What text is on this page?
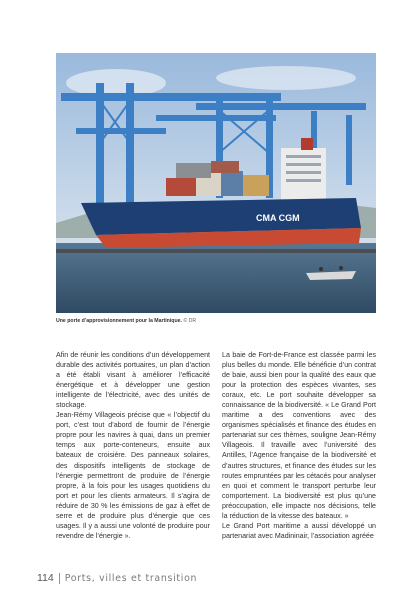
CMA CGM
Une porte d’approvisionnement pour la Martinique. © DR

Afin de réunir les conditions d’un développement durable des activités portuaires, un plan d’action a été établi visant à améliorer l’efficacité énergétique et à développer une gestion intelligente de l’électricité, avec des unités de stockage.

Jean-Rémy Villageois précise que « l’objectif du port, c’est tout d’abord de fournir de l’énergie propre pour les navires à quai, dans un premier temps aux porte-conteneurs, ensuite aux bateaux de croisière. Des panneaux solaires, des dispositifs intelligents de stockage de l’énergie permettront de produire de l’énergie propre, à la fois pour les usages quotidiens du port et pour les clients armateurs. Il s’agira de réduire de 30 % les émissions de gaz à effet de serre et de produire plus d’énergie que ces usages. Il y a aussi une volonté de produire pour revendre de l’énergie ».

La baie de Fort-de-France est classée parmi les plus belles du monde. Elle bénéficie d’un contrat de baie, aussi bien pour la qualité des eaux que pour la protection des espèces vivantes, ses coraux, etc. Le port souhaite développer sa connaissance de la biodiversité. « Le Grand Port maritime a des conventions avec des organismes spécialisés et finance des études en partenariat sur ces thèmes, souligne Jean-Rémy Villageois. Il travaille avec l’université des Antilles, l’Agence française de la biodiversité et d’autres structures, et finance des études sur les routes empruntées par les cétacés pour analyser en quoi et comment le transport perturbe leur comportement. La biodiversité est plus qu’une préoccupation, elle impacte nos décisions, telle la réduction de la vitesse des bateaux. »

Le Grand Port maritime a aussi développé un partenariat avec Madininair, l’association agréée

114 Ports, villes et transition
